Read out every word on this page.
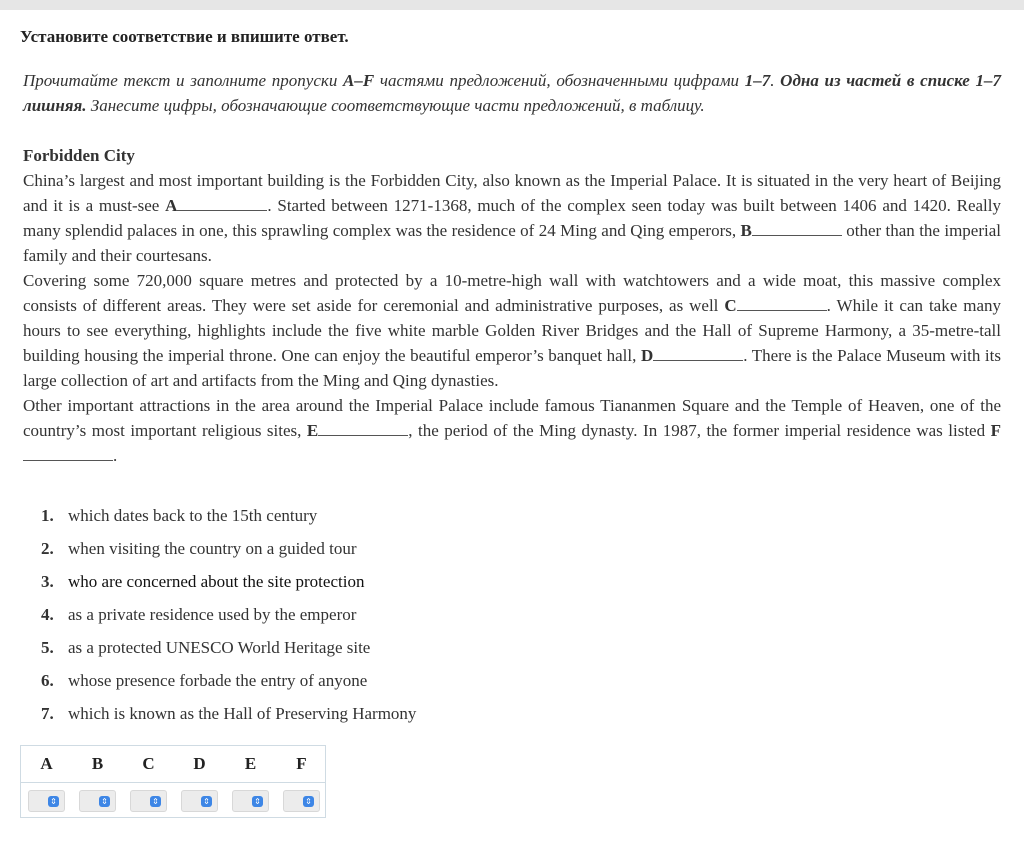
Установите соответствие и впишите ответ.
Прочитайте текст и заполните пропуски A–F частями предложений, обозначенными цифрами 1–7. Одна из частей в списке 1–7 лишняя. Занесите цифры, обозначающие соответствующие части предложений, в таблицу.

Forbidden City

China’s largest and most important building is the Forbidden City, also known as the Imperial Palace. It is situated in the very heart of Beijing and it is a must-see A	. Started between 1271-1368, much of the complex seen today was built between 1406 and 1420. Really many splendid palaces in one, this sprawling complex was the residence of 24 Ming and Qing emperors, B	other than the imperial family and their courtesans.

Covering some 720,000 square metres and protected by a 10-metre-high wall with watchtowers and a wide moat, this massive complex consists of different areas. They were set aside for ceremonial and administrative purposes, as well C	. While it can take many hours to see everything, highlights include the five white marble Golden River Bridges and the Hall of Supreme Harmony, a 35-metre-tall building housing the imperial throne. One can enjoy the beautiful emperor’s banquet hall, D	. There is the Palace Museum with its large collection of art and artifacts from the Ming and Qing dynasties.

Other important attractions in the area around the Imperial Palace include famous Tiananmen Square and the Temple of Heaven, one of the country’s most important religious sites, E	, the period of the Ming dynasty. In 1987, the former imperial residence was listed F.

1. which dates back to the 15th century
2. when visiting the country on a guided tour
3. who are concerned about the site protection
4. as a private residence used by the emperor
5. as a protected UNESCO World Heritage site
6. whose presence forbade the entry of anyone
7. which is known as the Hall of Preserving Harmony
A	B	C	D	E	F
⇕	⇕	⇕	⇕	⇕	⇕
